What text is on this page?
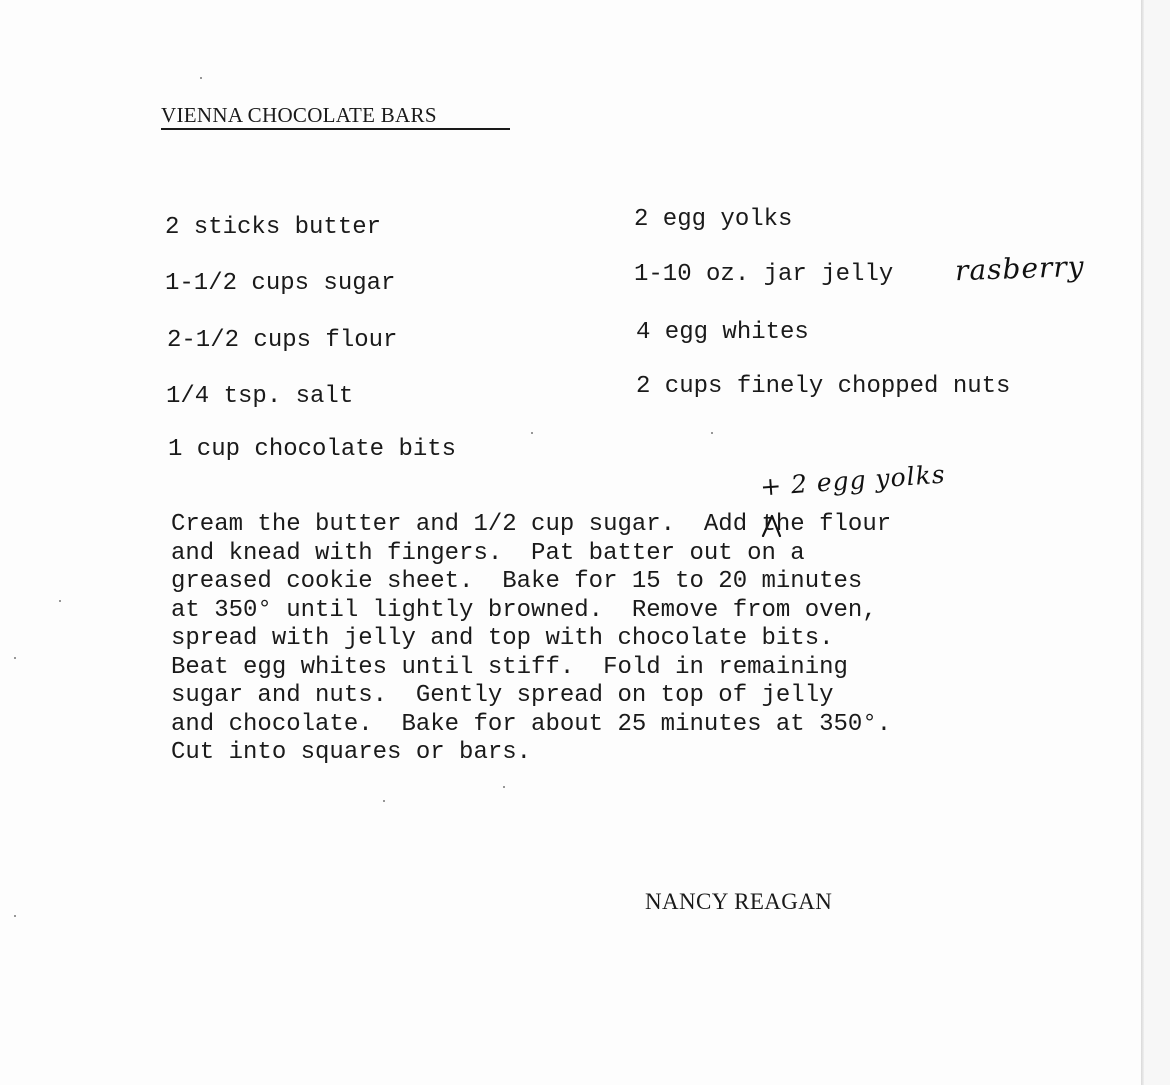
VIENNA CHOCOLATE BARS

2 sticks butter

1-1/2 cups sugar

2-1/2 cups flour

1/4 tsp. salt

1 cup chocolate bits

2 egg yolks

1-10 oz. jar jelly

4 egg whites

2 cups finely chopped nuts

rasberry
+ 2 egg yolks
Cream the butter and 1/2 cup sugar.  Add the flour
and knead with fingers.  Pat batter out on a
greased cookie sheet.  Bake for 15 to 20 minutes
at 350° until lightly browned.  Remove from oven,
spread with jelly and top with chocolate bits.
Beat egg whites until stiff.  Fold in remaining
sugar and nuts.  Gently spread on top of jelly
and chocolate.  Bake for about 25 minutes at 350°.
Cut into squares or bars.

NANCY REAGAN
